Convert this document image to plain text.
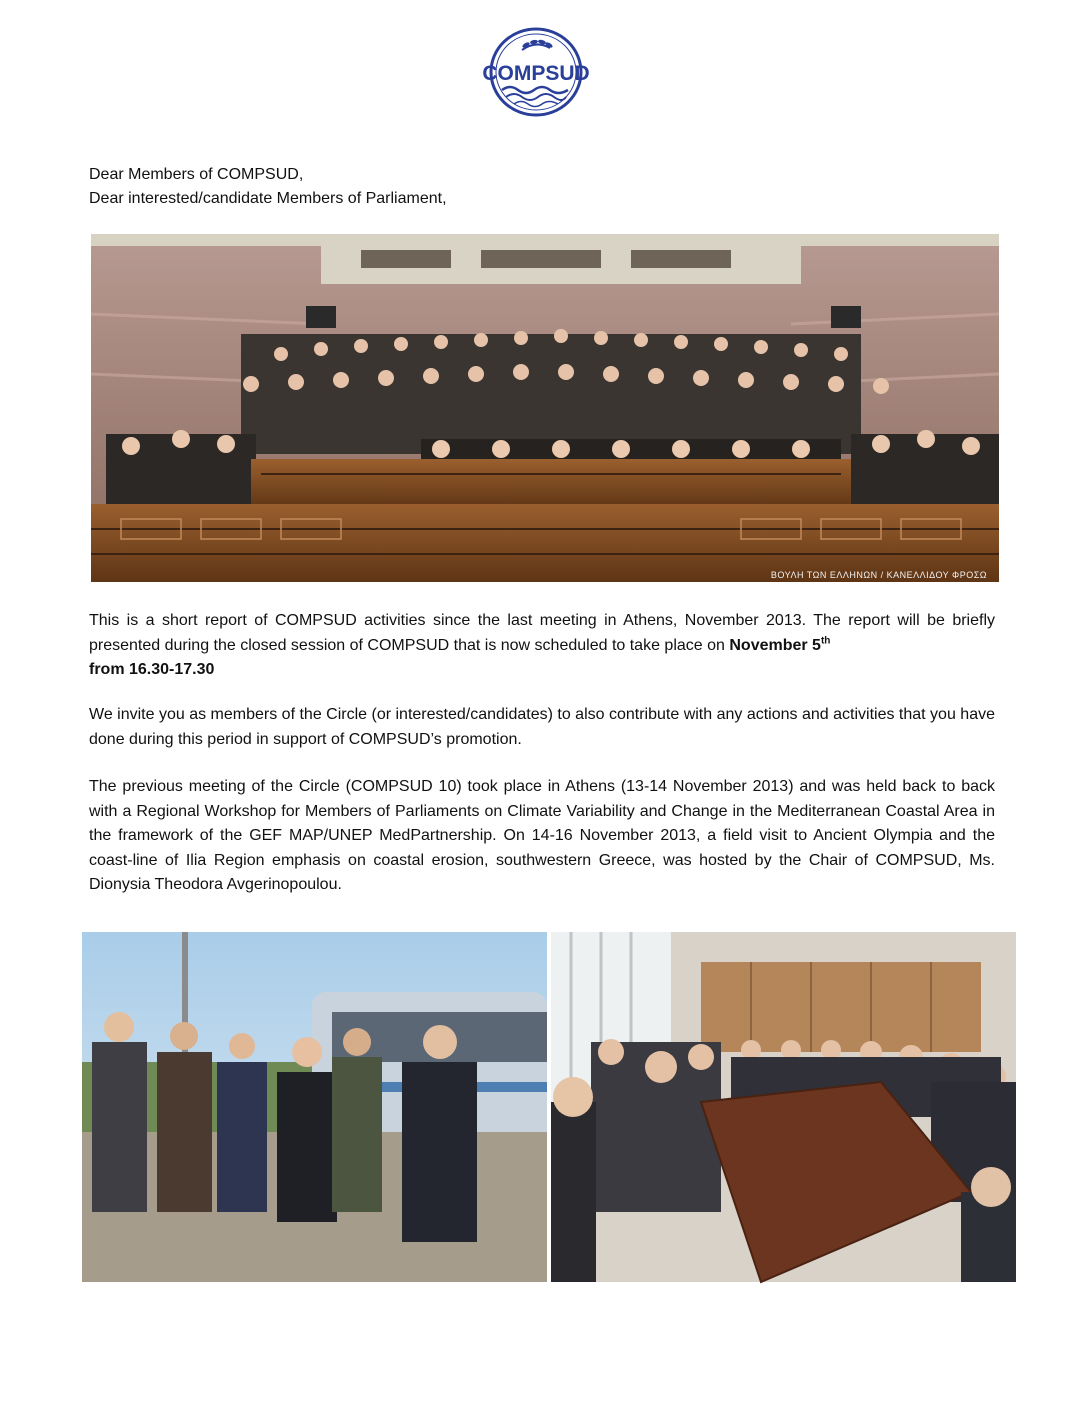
COMPSUD
Dear Members of COMPSUD,
Dear interested/candidate Members of Parliament,
ΒΟΥΛΗ ΤΩΝ ΕΛΛΗΝΩΝ / ΚΑΝΕΛΛΙΔΟΥ ΦΡΟΣΩ

This is a short report of COMPSUD activities since the last meeting in Athens, November 2013. The report will be briefly presented during the closed session of COMPSUD that is now scheduled to take place on November 5th
from 16.30-17.30

We invite you as members of the Circle (or interested/candidates) to also contribute with any actions and activities that you have done during this period in support of COMPSUD’s promotion.

The previous meeting of the Circle (COMPSUD 10) took place in Athens (13-14 November 2013) and was held back to back with a Regional Workshop for Members of Parliaments on Climate Variability and Change in the Mediterranean Coastal Area in the framework of the GEF MAP/UNEP MedPartnership. On 14-16 November 2013, a field visit to Ancient Olympia and the coast-line of Ilia Region emphasis on coastal erosion, southwestern Greece, was hosted by the Chair of COMPSUD, Ms. Dionysia Theodora Avgerinopoulou.
